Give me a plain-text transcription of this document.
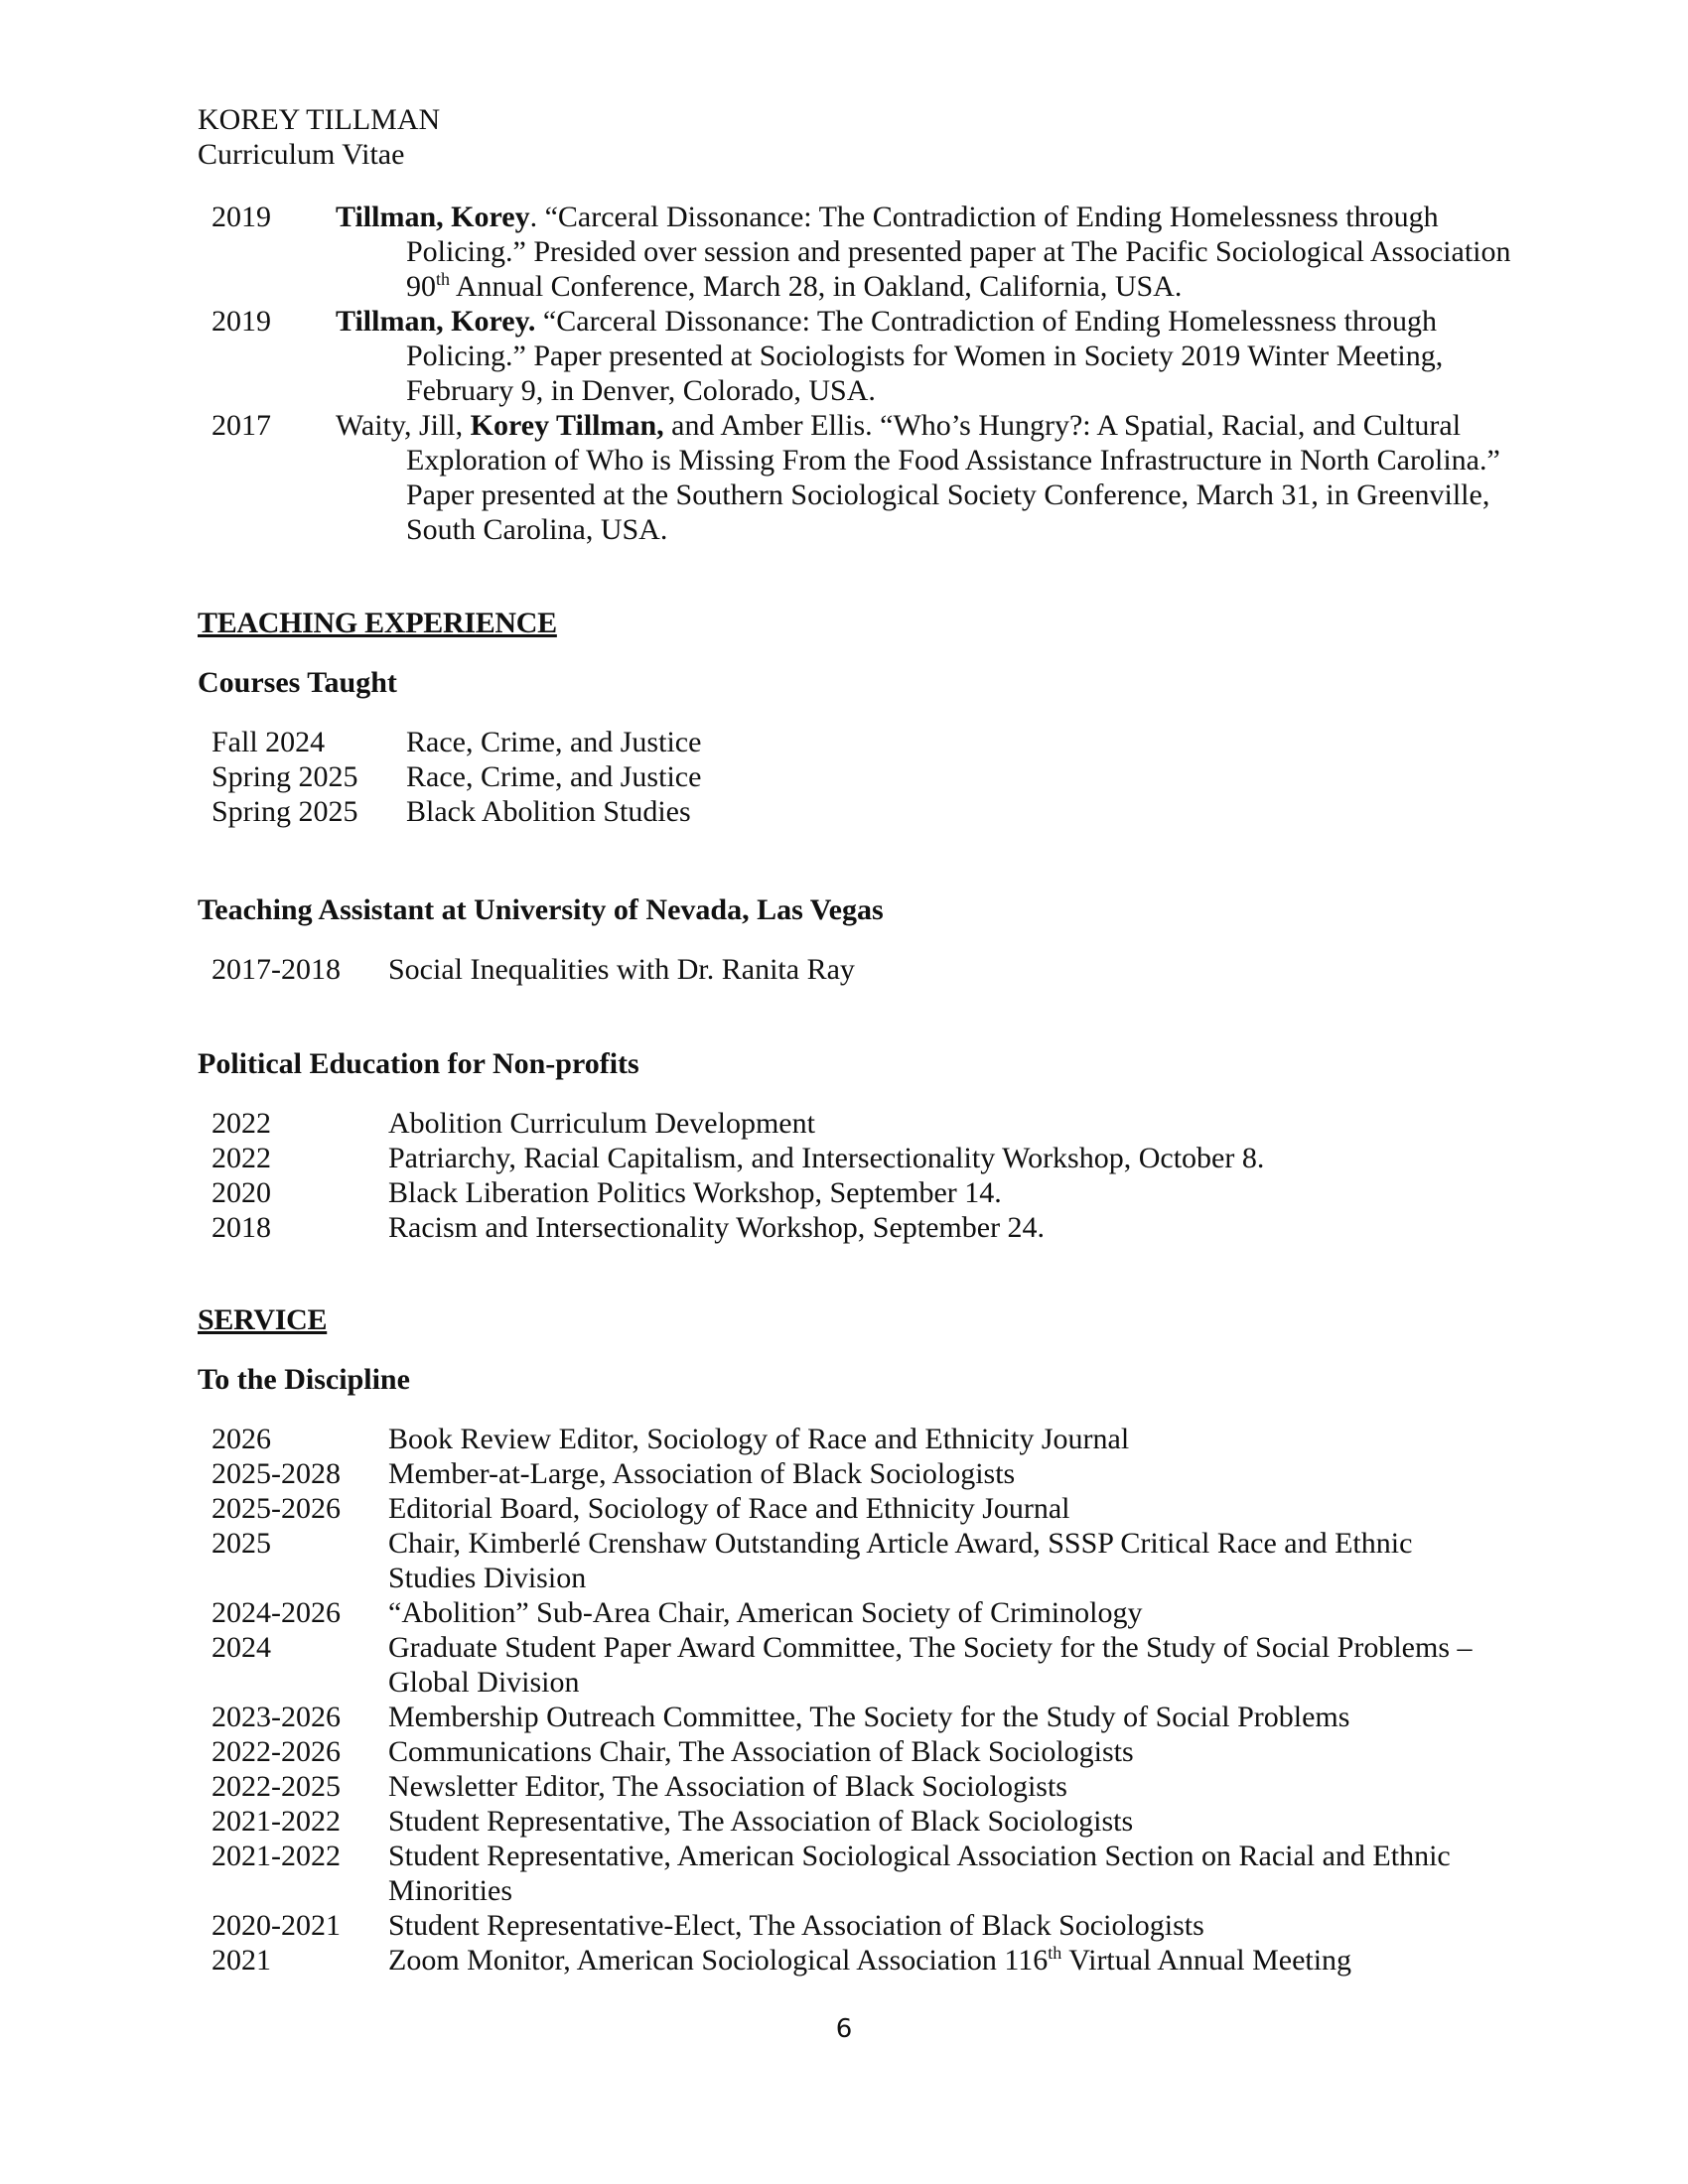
KOREY TILLMAN
Curriculum Vitae
2019 Tillman, Korey. “Carceral Dissonance: The Contradiction of Ending Homelessness through Policing.” Presided over session and presented paper at The Pacific Sociological Association 90th Annual Conference, March 28, in Oakland, California, USA.
2019 Tillman, Korey. “Carceral Dissonance: The Contradiction of Ending Homelessness through Policing.” Paper presented at Sociologists for Women in Society 2019 Winter Meeting, February 9, in Denver, Colorado, USA.
2017 Waity, Jill, Korey Tillman, and Amber Ellis. “Who’s Hungry?: A Spatial, Racial, and Cultural Exploration of Who is Missing From the Food Assistance Infrastructure in North Carolina.” Paper presented at the Southern Sociological Society Conference, March 31, in Greenville, South Carolina, USA.
TEACHING EXPERIENCE
Courses Taught
Fall 2024	Race, Crime, and Justice
Spring 2025	Race, Crime, and Justice
Spring 2025	Black Abolition Studies
Teaching Assistant at University of Nevada, Las Vegas
2017-2018	Social Inequalities with Dr. Ranita Ray
Political Education for Non-profits
2022	Abolition Curriculum Development
2022	Patriarchy, Racial Capitalism, and Intersectionality Workshop, October 8.
2020	Black Liberation Politics Workshop, September 14.
2018	Racism and Intersectionality Workshop, September 24.
SERVICE
To the Discipline
2026	Book Review Editor, Sociology of Race and Ethnicity Journal
2025-2028	Member-at-Large, Association of Black Sociologists
2025-2026	Editorial Board, Sociology of Race and Ethnicity Journal
2025	Chair, Kimberlé Crenshaw Outstanding Article Award, SSSP Critical Race and Ethnic Studies Division
2024-2026	“Abolition” Sub-Area Chair, American Society of Criminology
2024	Graduate Student Paper Award Committee, The Society for the Study of Social Problems – Global Division
2023-2026	Membership Outreach Committee, The Society for the Study of Social Problems
2022-2026	Communications Chair, The Association of Black Sociologists
2022-2025	Newsletter Editor, The Association of Black Sociologists
2021-2022	Student Representative, The Association of Black Sociologists
2021-2022	Student Representative, American Sociological Association Section on Racial and Ethnic Minorities
2020-2021	Student Representative-Elect, The Association of Black Sociologists
2021	Zoom Monitor, American Sociological Association 116th Virtual Annual Meeting
6
